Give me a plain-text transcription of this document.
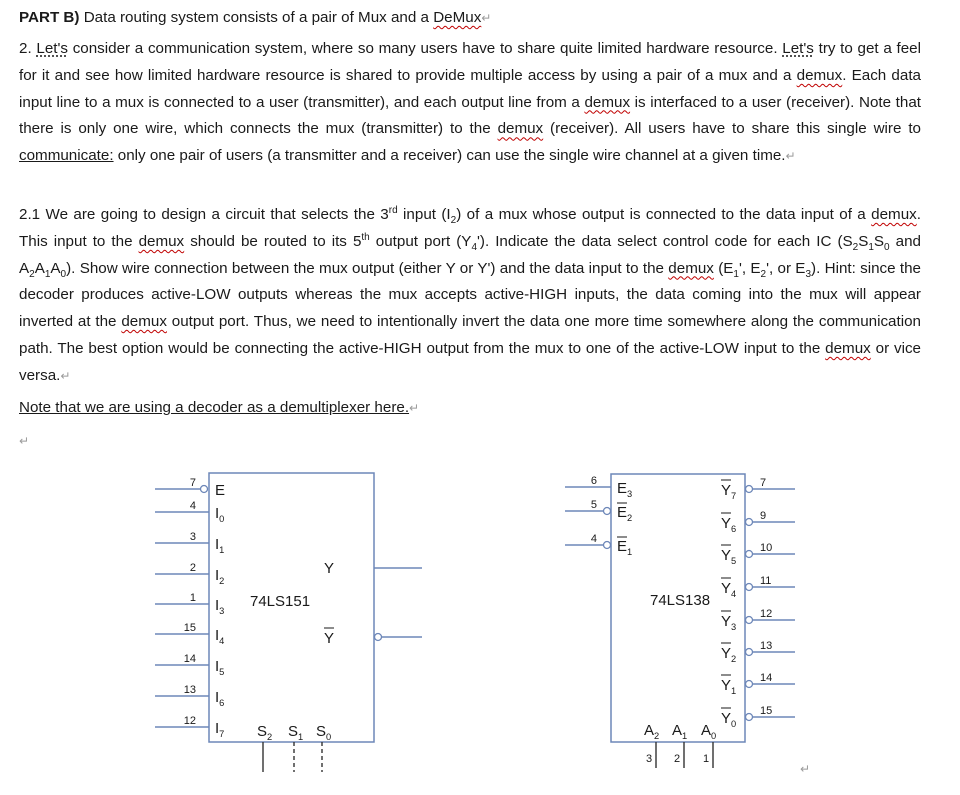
PART B) Data routing system consists of a pair of Mux and a DeMux↵

2. Let's consider a communication system, where so many users have to share quite limited hardware resource. Let's try to get a feel for it and see how limited hardware resource is shared to provide multiple access by using a pair of a mux and a demux. Each data input line to a mux is connected to a user (transmitter), and each output line from a demux is interfaced to a user (receiver). Note that there is only one wire, which connects the mux (transmitter) to the demux (receiver). All users have to share this single wire to communicate: only one pair of users (a transmitter and a receiver) can use the single wire channel at a given time.↵

2.1 We are going to design a circuit that selects the 3rd input $(I_2)$ of a mux whose output is connected to the data input of a demux. This input to the demux should be routed to its 5th output port $(Y_4')$. Indicate the data select control code for each IC ($S_2S_1S_0$ and $A_2A_1A_0$). Show wire connection between the mux output (either Y or Y') and the data input to the demux ($E_1'$, $E_2'$, or $E_3$). Hint: since the decoder produces active-LOW outputs whereas the mux accepts active-HIGH inputs, the data coming into the mux will appear inverted at the demux output port. Thus, we need to intentionally invert the data one more time somewhere along the communication path. The best option would be connecting the active-HIGH output from the mux to one of the active-LOW input to the demux or vice versa.↵

Note that we are using a decoder as a demultiplexer here.↵

↵

7 E
4 $I_0$
3 $I_1$
2 $I_2$
1 $I_3$
15 $I_4$
14 $I_5$
13 $I_6$
12 $I_7$
74LS151
Y
Y
$S_2$ $S_1$ $S_0$
74LS138
6 $E_3$
5 $E_2$
4 $E_1$
$Y_7$
7
$Y_6$
9
$Y_5$
10
$Y_4$
11
$Y_3$
12
$Y_2$
13
$Y_1$
14
$Y_0$
15
$A_2$
3
$A_1$
2
$A_0$
1
↵
